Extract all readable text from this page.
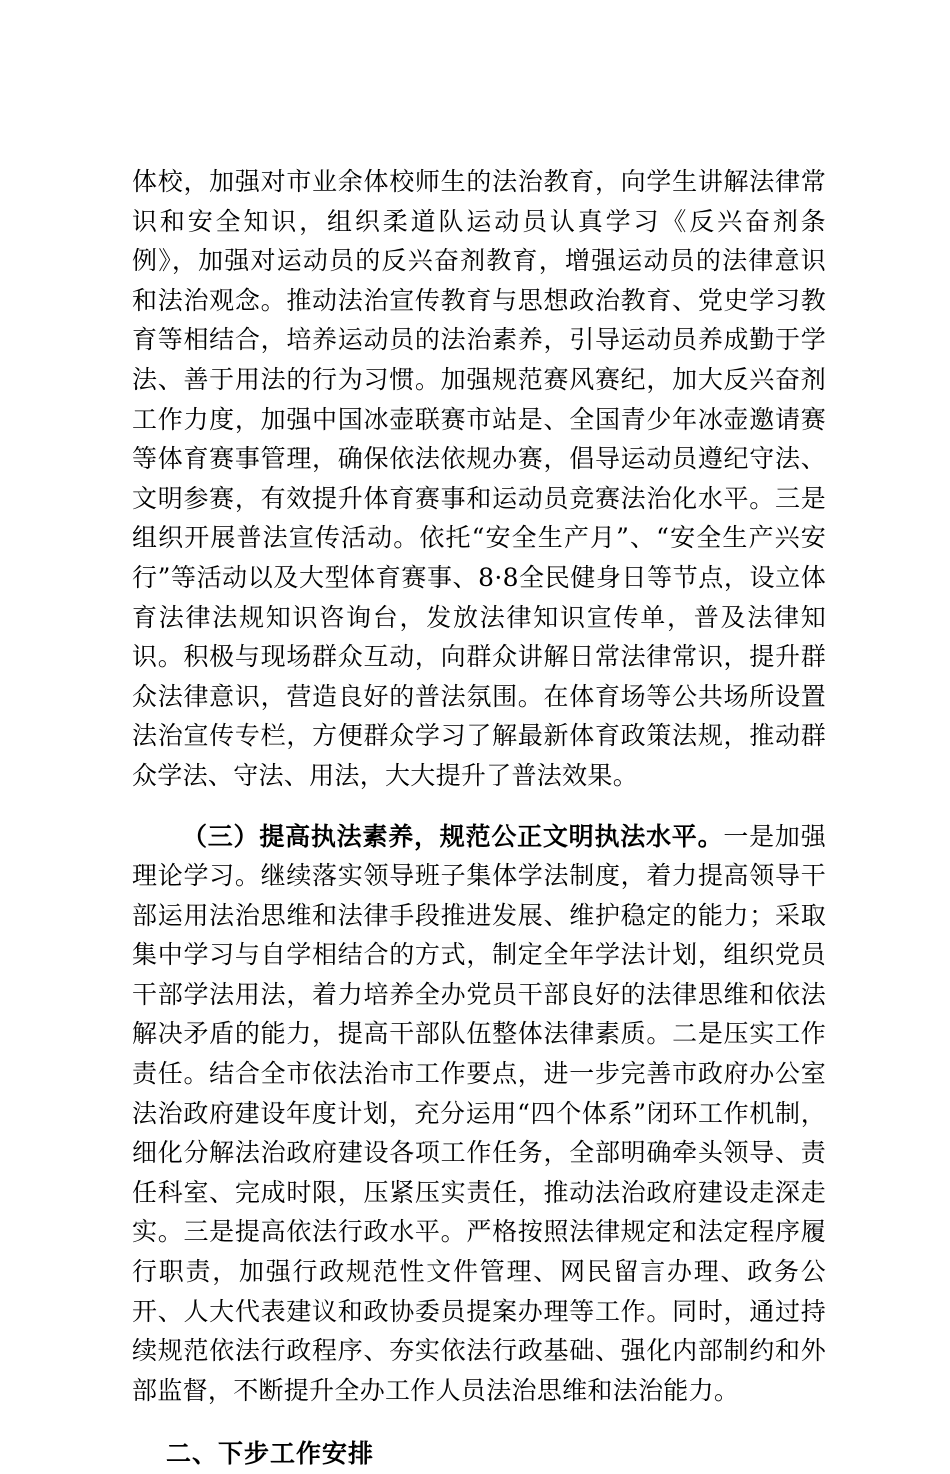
体校，加强对市业余体校师生的法治教育，向学生讲解法律常识和安全知识，组织柔道队运动员认真学习《反兴奋剂条例》，加强对运动员的反兴奋剂教育，增强运动员的法律意识和法治观念。推动法治宣传教育与思想政治教育、党史学习教育等相结合，培养运动员的法治素养，引导运动员养成勤于学法、善于用法的行为习惯。加强规范赛风赛纪，加大反兴奋剂工作力度，加强中国冰壶联赛市站是、全国青少年冰壶邀请赛等体育赛事管理，确保依法依规办赛，倡导运动员遵纪守法、文明参赛，有效提升体育赛事和运动员竞赛法治化水平。三是组织开展普法宣传活动。依托“安全生产月”、“安全生产兴安行”等活动以及大型体育赛事、8·8全民健身日等节点，设立体育法律法规知识咨询台，发放法律知识宣传单，普及法律知识。积极与现场群众互动，向群众讲解日常法律常识，提升群众法律意识，营造良好的普法氛围。在体育场等公共场所设置法治宣传专栏，方便群众学习了解最新体育政策法规，推动群众学法、守法、用法，大大提升了普法效果。

（三）提高执法素养，规范公正文明执法水平。一是加强理论学习。继续落实领导班子集体学法制度，着力提高领导干部运用法治思维和法律手段推进发展、维护稳定的能力；采取集中学习与自学相结合的方式，制定全年学法计划，组织党员干部学法用法，着力培养全办党员干部良好的法律思维和依法解决矛盾的能力，提高干部队伍整体法律素质。二是压实工作责任。结合全市依法治市工作要点，进一步完善市政府办公室法治政府建设年度计划，充分运用“四个体系”闭环工作机制，细化分解法治政府建设各项工作任务，全部明确牵头领导、责任科室、完成时限，压紧压实责任，推动法治政府建设走深走实。三是提高依法行政水平。严格按照法律规定和法定程序履行职责，加强行政规范性文件管理、网民留言办理、政务公开、人大代表建议和政协委员提案办理等工作。同时，通过持续规范依法行政程序、夯实依法行政基础、强化内部制约和外部监督，不断提升全办工作人员法治思维和法治能力。

二、下步工作安排
